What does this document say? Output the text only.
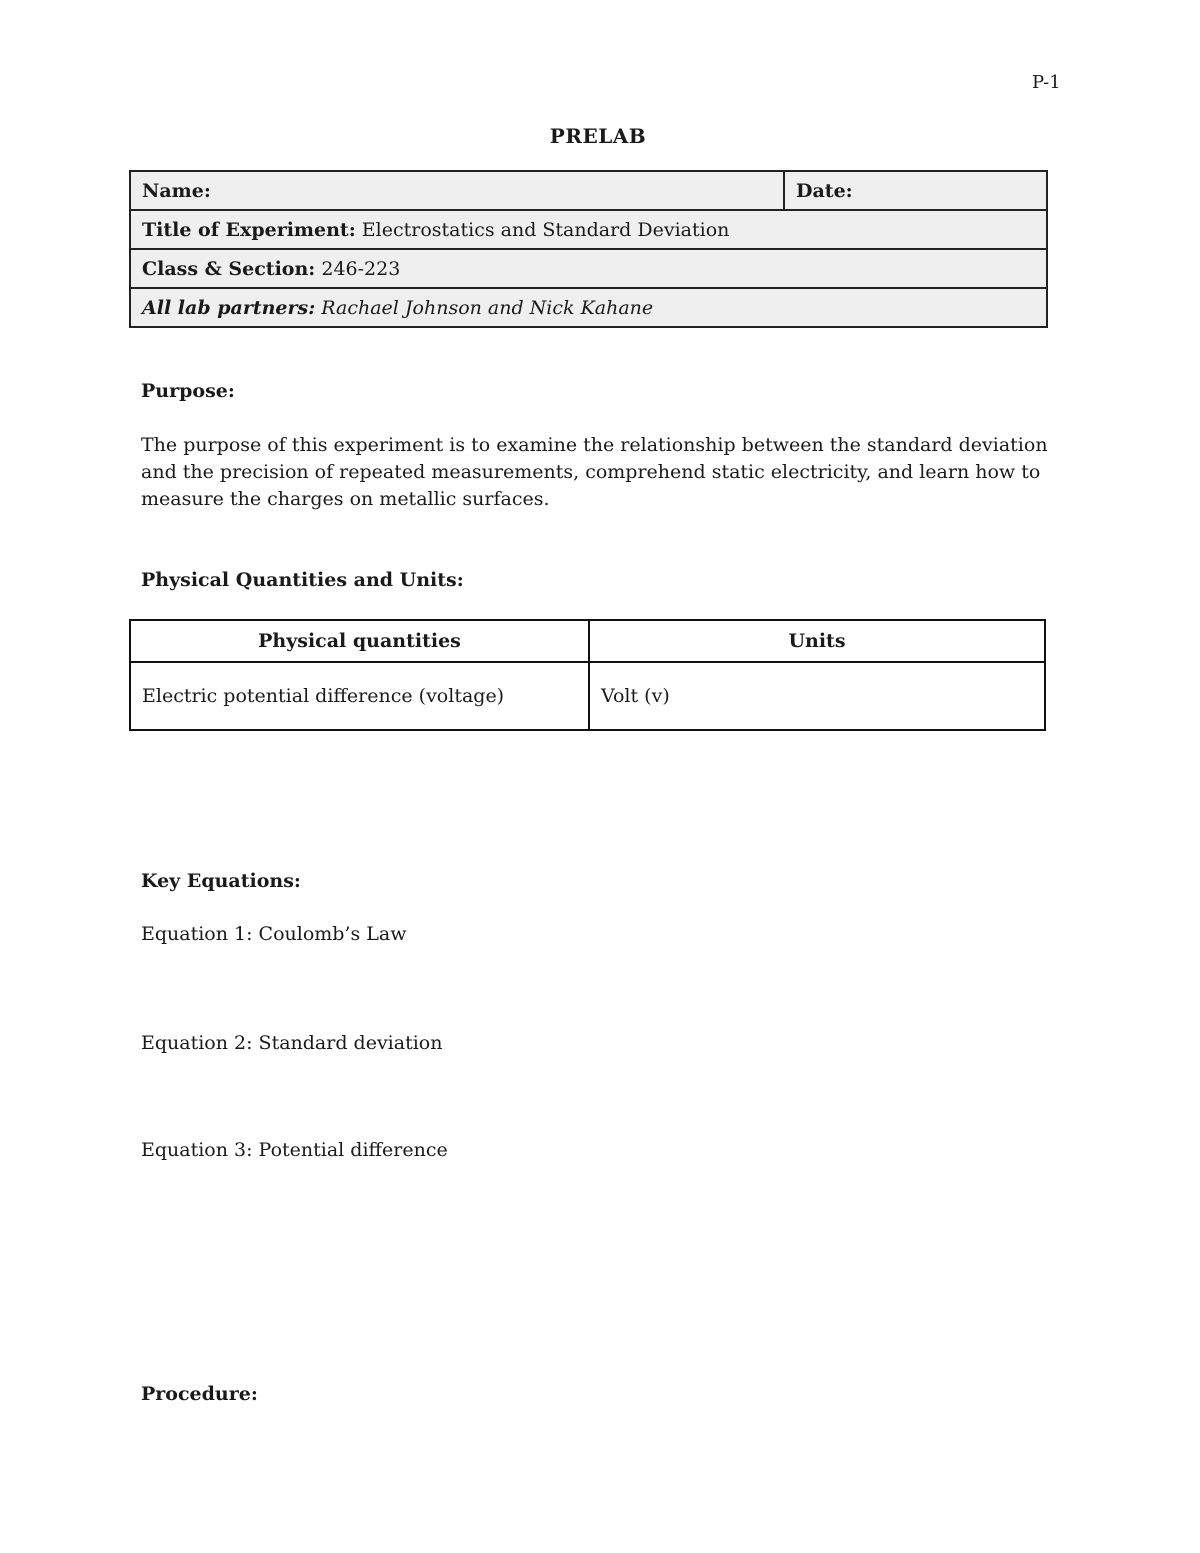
P-1
PRELAB
Name:	Date:
Title of Experiment: Electrostatics and Standard Deviation
Class & Section: 246-223
All lab partners: Rachael Johnson and Nick Kahane
Purpose:
The purpose of this experiment is to examine the relationship between the standard deviation and the precision of repeated measurements, comprehend static electricity, and learn how to measure the charges on metallic surfaces.
Physical Quantities and Units:
Physical quantities	Units
Electric potential difference (voltage)	Volt (v)
Key Equations:
Equation 1: Coulomb’s Law
Equation 2: Standard deviation
Equation 3: Potential difference
Procedure:
